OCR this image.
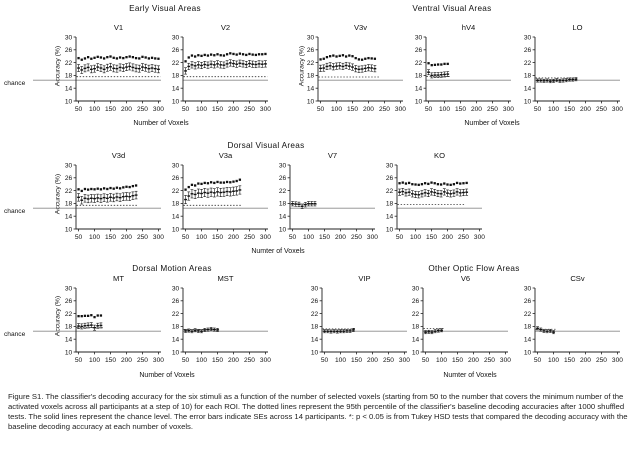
Early Visual Areas	Ventral Visual Areas
Dorsal Visual Areas
Dorsal Motion Areas	Other Optic Flow Areas
Accuracy (%)	Accuracy (%)
Accuracy (%)
Accuracy (%)
chance
chance
chance
V1
10
14
18
22
26
30
50 100 150 200 250 300
V2
10
14
18
22
26
30
50 100 150 200 250 300
V3v
10
14
18
22
26
30
50 100 150 200 250 300
hV4
10
14
18
22
26
30
50 100 150 200 250 300
LO
10
14
18
22
26
30
50 100 150 200 250 300
V3d
10
14
18
22
26
30
50 100 150 200 250 300
V3a
10
14
18
22
26
30
50 100 150 200 250 300
V7
10
14
18
22
26
30
50 100 150 200 250 300
KO
10
14
18
22
26
30
50 100 150 200 250 300
MT
10
14
18
22
26
30
50 100 150 200 250 300
MST
10
14
18
22
26
30
50 100 150 200 250 300
VIP
10
14
18
22
26
30
50 100 150 200 250 300
V6
10
14
18
22
26
30
50 100 150 200 250 300
CSv
10
14
18
22
26
30
50 100 150 200 250 300
Number of Voxels	Number of Voxels
Numter of Voxels
Number of Voxels	Numter of Voxels
Figure S1. The classifier's decoding accuracy for the six stimuli as a function of the number of selected voxels (starting from 50 to the number that covers the minimum number of the activated voxels across all participants at a step of 10) for each ROI. The dotted lines represent the 95th percentile of the classifier's baseline decoding accuracies after 1000 shuffled tests. The solid lines represent the chance level. The error bars indicate SEs across 14 participants. *: p < 0.05 is from Tukey HSD tests that compared the decoding accuracy with the baseline decoding accuracy at each number of voxels.
